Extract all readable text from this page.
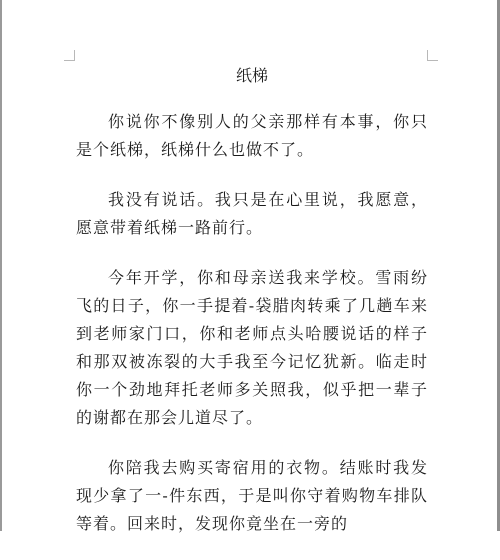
纸梯

你说你不像别人的父亲那样有本事，你只是个纸梯，纸梯什么也做不了。

我没有说话。我只是在心里说，我愿意，愿意带着纸梯一路前行。

今年开学，你和母亲送我来学校。雪雨纷飞的日子，你一手提着-袋腊肉转乘了几趟车来到老师家门口，你和老师点头哈腰说话的样子和那双被冻裂的大手我至今记忆犹新。临走时你一个劲地拜托老师多关照我，似乎把一辈子的谢都在那会儿道尽了。

你陪我去购买寄宿用的衣物。结账时我发现少拿了一-件东西，于是叫你守着购物车排队等着。回来时，发现你竟坐在一旁的
